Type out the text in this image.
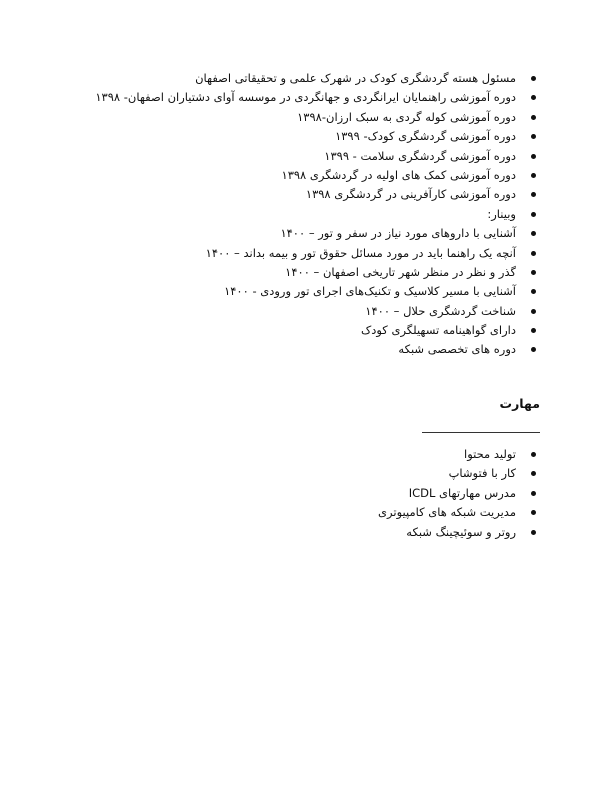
مسئول هسته گردشگری کودک در شهرک علمی و تحقیقاتی اصفهان
دوره آموزشی راهنمایان ایرانگردی و جهانگردی در موسسه آوای دشتیاران اصفهان- ۱۳۹۸
دوره آموزشی کوله گردی به سبک ارزان-۱۳۹۸
دوره آموزشی گردشگری کودک- ۱۳۹۹
دوره آموزشی گردشگری سلامت - ۱۳۹۹
دوره آموزشی کمک های اولیه در گردشگری ۱۳۹۸
دوره آموزشی کارآفرینی در گردشگری ۱۳۹۸
وبینار:
آشنایی با داروهای مورد نیاز در سفر و تور – ۱۴۰۰
آنچه یک راهنما باید در مورد مسائل حقوق تور و بیمه بداند – ۱۴۰۰
گذر و نظر در منظر شهر تاریخی اصفهان – ۱۴۰۰
آشنایی با مسیر کلاسیک و تکنیک‌های اجرای تور ورودی - ۱۴۰۰
شناخت گردشگری حلال – ۱۴۰۰
دارای گواهینامه تسهیلگری کودک
دوره های تخصصی شبکه
مهارت
تولید محتوا
کار با فتوشاپ
مدرس مهارتهای ICDL
مدیریت شبکه های کامپیوتری
روتر و سوئیچینگ شبکه
